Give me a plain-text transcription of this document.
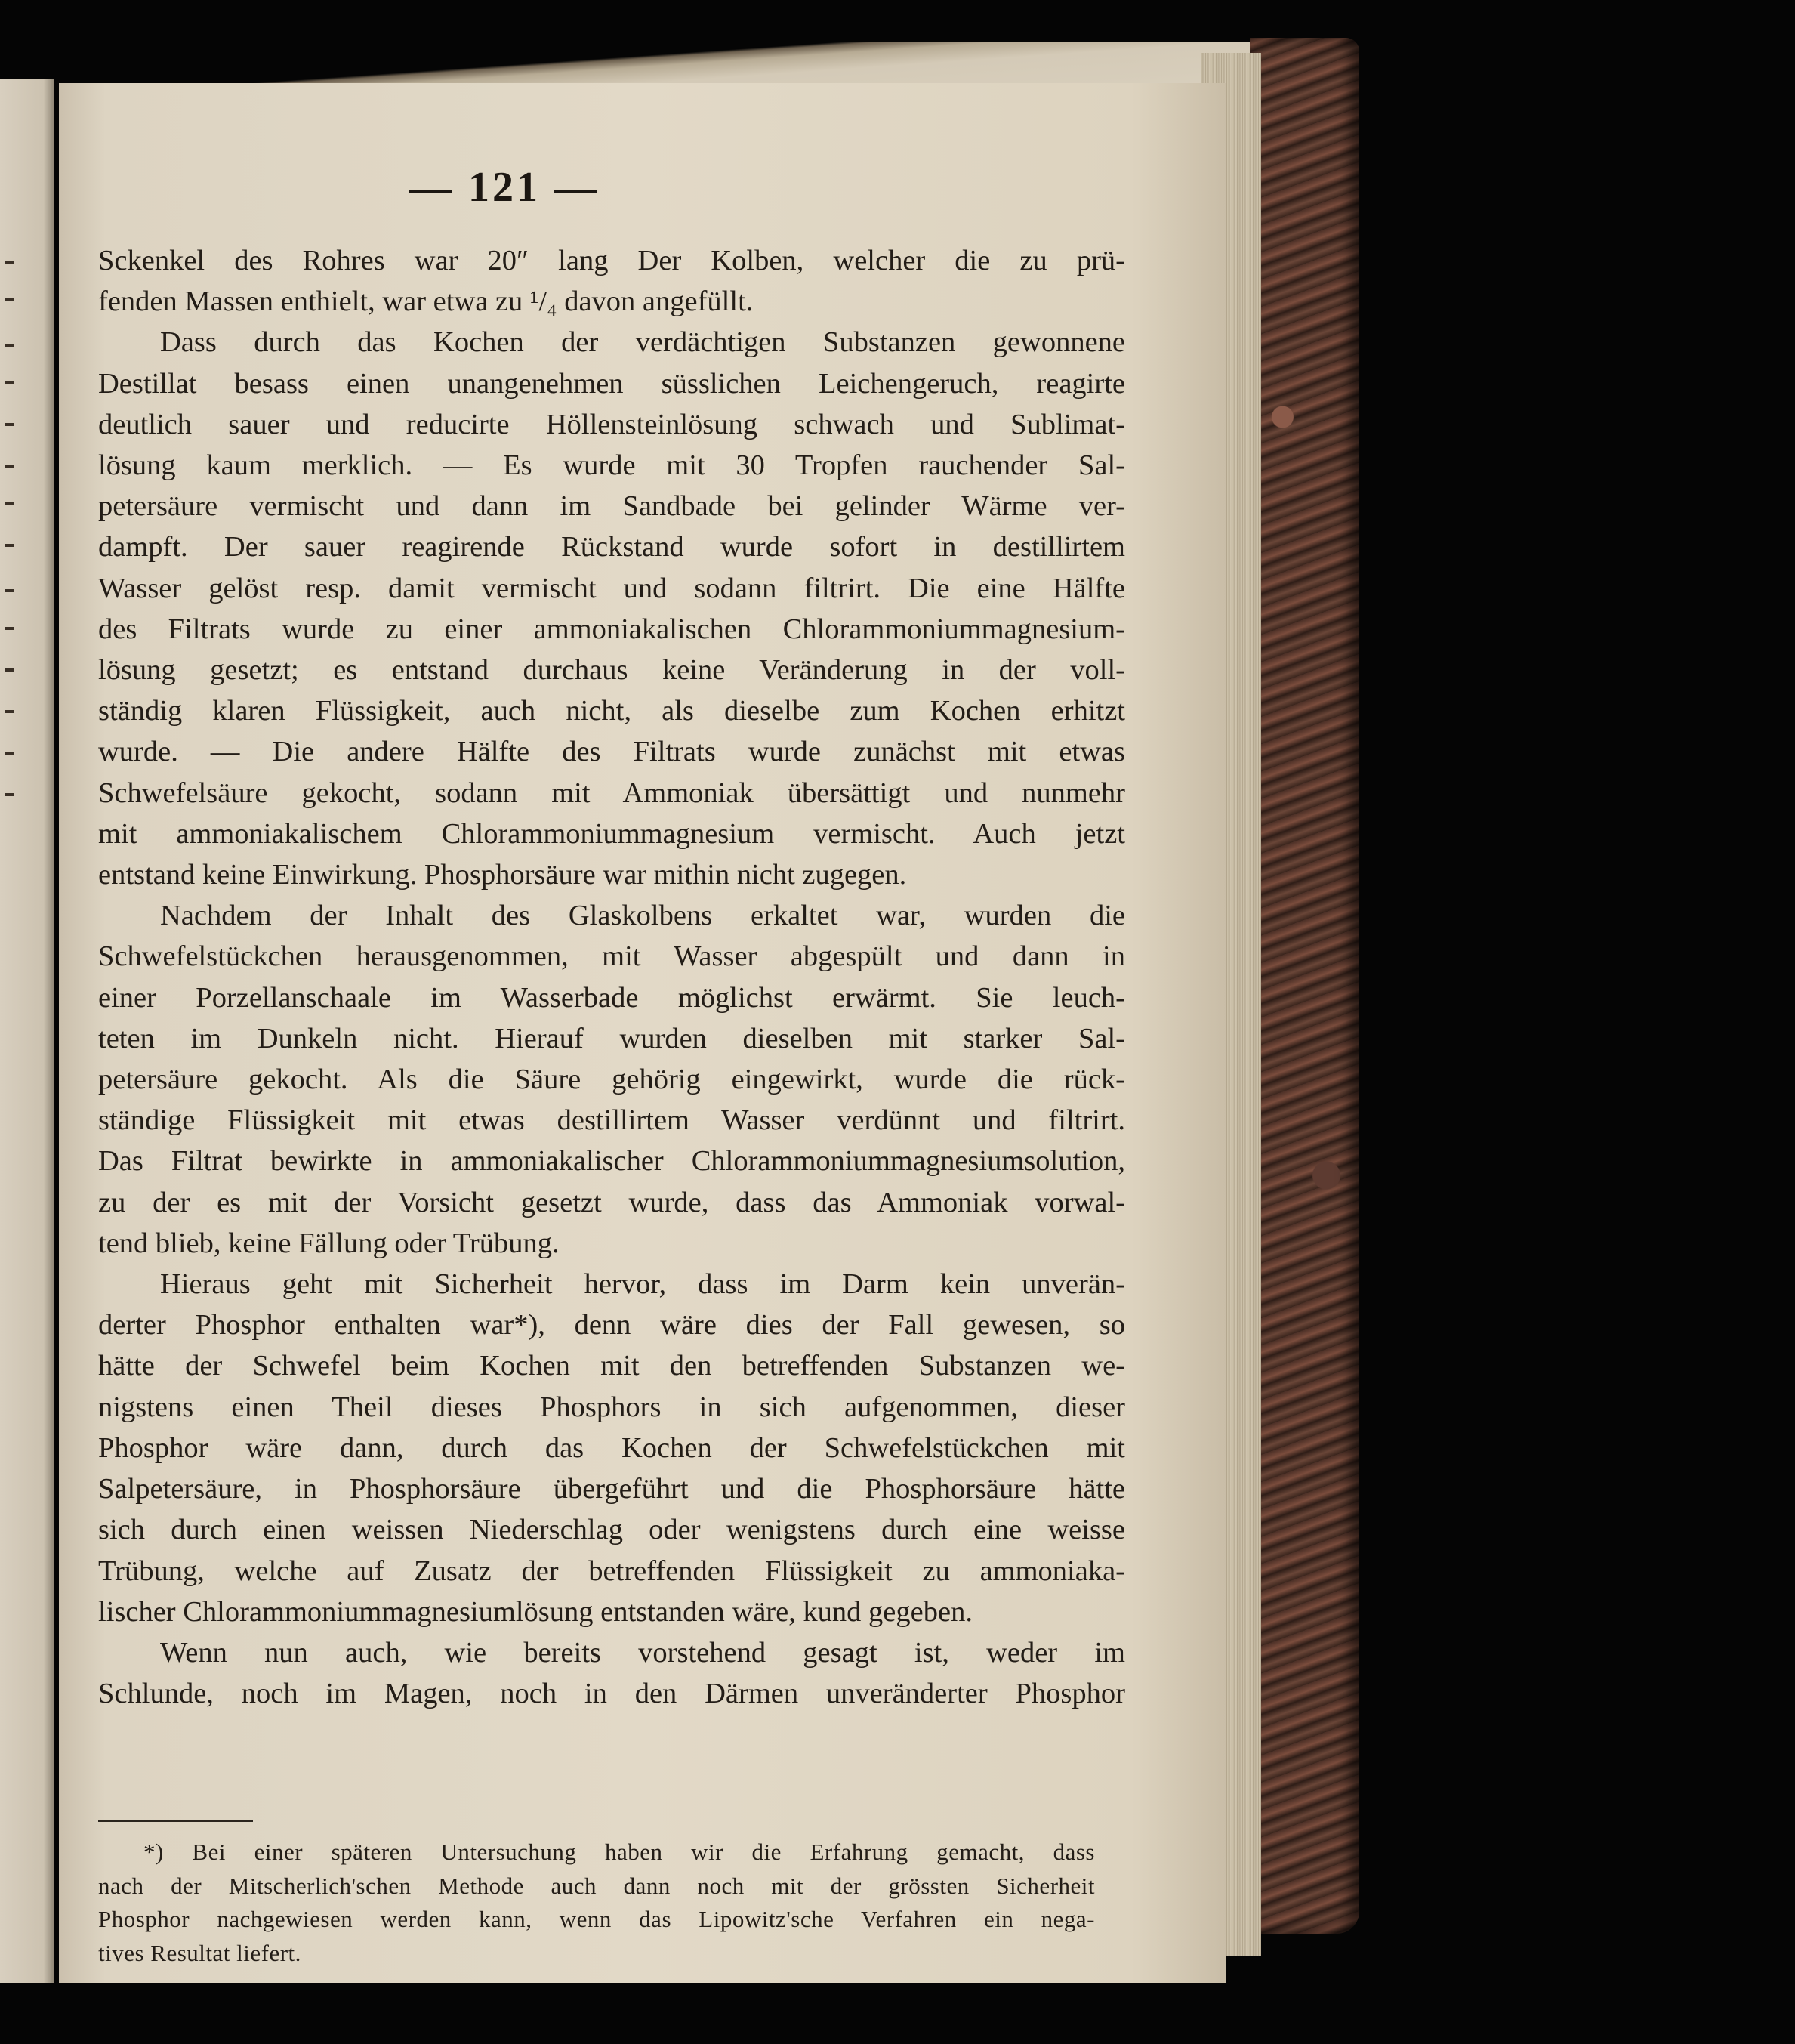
— 121 —
Sckenkel des Rohres war 20″ lang Der Kolben, welcher die zu prü-
fenden Massen enthielt, war etwa zu ¹/₄ davon angefüllt.
Dass durch das Kochen der verdächtigen Substanzen gewonnene
Destillat besass einen unangenehmen süsslichen Leichengeruch, reagirte
deutlich sauer und reducirte Höllensteinlösung schwach und Sublimat-
lösung kaum merklich. — Es wurde mit 30 Tropfen rauchender Sal-
petersäure vermischt und dann im Sandbade bei gelinder Wärme ver-
dampft. Der sauer reagirende Rückstand wurde sofort in destillirtem
Wasser gelöst resp. damit vermischt und sodann filtrirt. Die eine Hälfte
des Filtrats wurde zu einer ammoniakalischen Chlorammoniummagnesium-
lösung gesetzt; es entstand durchaus keine Veränderung in der voll-
ständig klaren Flüssigkeit, auch nicht, als dieselbe zum Kochen erhitzt
wurde. — Die andere Hälfte des Filtrats wurde zunächst mit etwas
Schwefelsäure gekocht, sodann mit Ammoniak übersättigt und nunmehr
mit ammoniakalischem Chlorammoniummagnesium vermischt. Auch jetzt
entstand keine Einwirkung. Phosphorsäure war mithin nicht zugegen.
Nachdem der Inhalt des Glaskolbens erkaltet war, wurden die
Schwefelstückchen herausgenommen, mit Wasser abgespült und dann in
einer Porzellanschaale im Wasserbade möglichst erwärmt. Sie leuch-
teten im Dunkeln nicht. Hierauf wurden dieselben mit starker Sal-
petersäure gekocht. Als die Säure gehörig eingewirkt, wurde die rück-
ständige Flüssigkeit mit etwas destillirtem Wasser verdünnt und filtrirt.
Das Filtrat bewirkte in ammoniakalischer Chlorammoniummagnesiumsolution,
zu der es mit der Vorsicht gesetzt wurde, dass das Ammoniak vorwal-
tend blieb, keine Fällung oder Trübung.
Hieraus geht mit Sicherheit hervor, dass im Darm kein unverän-
derter Phosphor enthalten war*), denn wäre dies der Fall gewesen, so
hätte der Schwefel beim Kochen mit den betreffenden Substanzen we-
nigstens einen Theil dieses Phosphors in sich aufgenommen, dieser
Phosphor wäre dann, durch das Kochen der Schwefelstückchen mit
Salpetersäure, in Phosphorsäure übergeführt und die Phosphorsäure hätte
sich durch einen weissen Niederschlag oder wenigstens durch eine weisse
Trübung, welche auf Zusatz der betreffenden Flüssigkeit zu ammoniaka-
lischer Chlorammoniummagnesiumlösung entstanden wäre, kund gegeben.
Wenn nun auch, wie bereits vorstehend gesagt ist, weder im
Schlunde, noch im Magen, noch in den Därmen unveränderter Phosphor
*) Bei einer späteren Untersuchung haben wir die Erfahrung gemacht, dass
nach der Mitscherlich'schen Methode auch dann noch mit der grössten Sicherheit
Phosphor nachgewiesen werden kann, wenn das Lipowitz'sche Verfahren ein nega-
tives Resultat liefert.
